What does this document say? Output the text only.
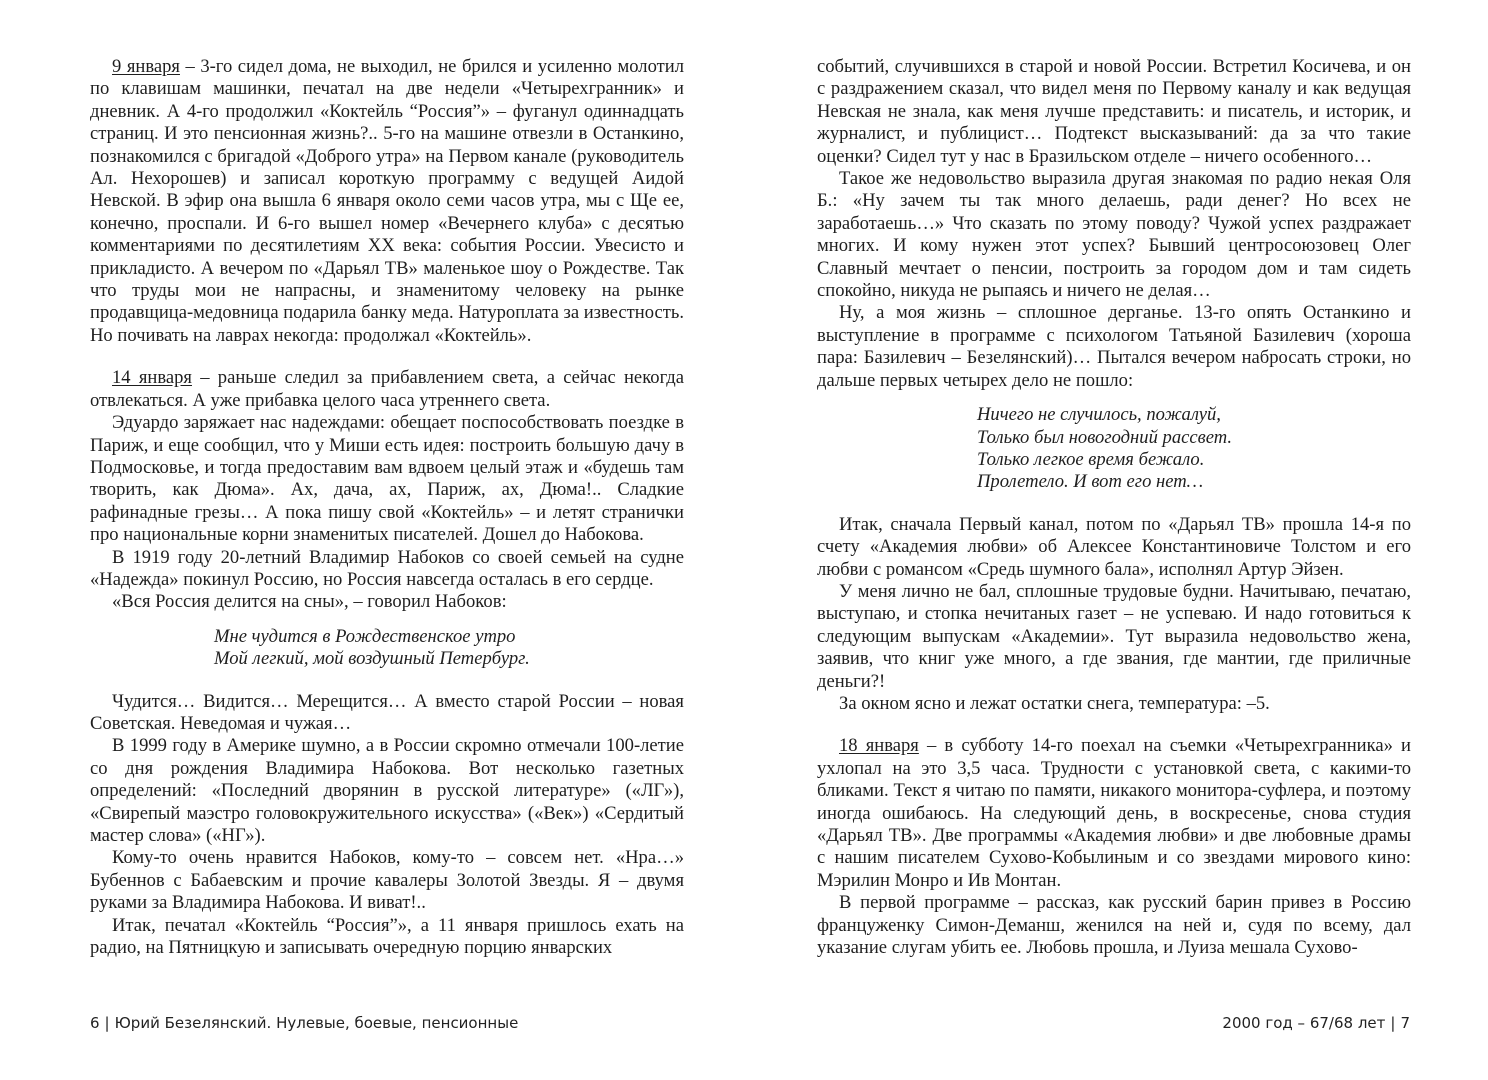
9 января – 3-го сидел дома, не выходил, не брился и усиленно молотил по клавишам машинки, печатал на две недели «Четырехгранник» и дневник. А 4-го продолжил «Коктейль “Россия”» – фуганул одиннадцать страниц. И это пенсионная жизнь?.. 5-го на машине отвезли в Останкино, познакомился с бригадой «Доброго утра» на Первом канале (руководитель Ал. Нехорошев) и записал короткую программу с ведущей Аидой Невской. В эфир она вышла 6 января около семи часов утра, мы с Ще ее, конечно, проспали. И 6-го вышел номер «Вечернего клуба» с десятью комментариями по десятилетиям XX века: события России. Увесисто и прикладисто. А вечером по «Дарьял ТВ» маленькое шоу о Рождестве. Так что труды мои не напрасны, и знаменитому человеку на рынке продавщица-медовница подарила банку меда. Натуроплата за известность. Но почивать на лаврах некогда: продолжал «Коктейль».

14 января – раньше следил за прибавлением света, а сейчас некогда отвлекаться. А уже прибавка целого часа утреннего света.

Эдуардо заряжает нас надеждами: обещает поспособствовать поездке в Париж, и еще сообщил, что у Миши есть идея: построить большую дачу в Подмосковье, и тогда предоставим вам вдвоем целый этаж и «будешь там творить, как Дюма». Ах, дача, ах, Париж, ах, Дюма!.. Сладкие рафинадные грезы… А пока пишу свой «Коктейль» – и летят странички про национальные корни знаменитых писателей. Дошел до Набокова.

В 1919 году 20-летний Владимир Набоков со своей семьей на судне «Надежда» покинул Россию, но Россия навсегда осталась в его сердце.

«Вся Россия делится на сны», – говорил Набоков:

Мне чудится в Рождественское утро
Мой легкий, мой воздушный Петербург.

Чудится… Видится… Мерещится… А вместо старой России – новая Советская. Неведомая и чужая…

В 1999 году в Америке шумно, а в России скромно отмечали 100-летие со дня рождения Владимира Набокова. Вот несколько газетных определений: «Последний дворянин в русской литературе» («ЛГ»), «Свирепый маэстро головокружительного искусства» («Век») «Сердитый мастер слова» («НГ»).

Кому-то очень нравится Набоков, кому-то – совсем нет. «Нра…» Бубеннов с Бабаевским и прочие кавалеры Золотой Звезды. Я – двумя руками за Владимира Набокова. И виват!..

Итак, печатал «Коктейль “Россия”», а 11 января пришлось ехать на радио, на Пятницкую и записывать очередную порцию январских

событий, случившихся в старой и новой России. Встретил Косичева, и он с раздражением сказал, что видел меня по Первому каналу и как ведущая Невская не знала, как меня лучше представить: и писатель, и историк, и журналист, и публицист… Подтекст высказываний: да за что такие оценки? Сидел тут у нас в Бразильском отделе – ничего особенного…

Такое же недовольство выразила другая знакомая по радио некая Оля Б.: «Ну зачем ты так много делаешь, ради денег? Но всех не заработаешь…» Что сказать по этому поводу? Чужой успех раздражает многих. И кому нужен этот успех? Бывший центросоюзовец Олег Славный мечтает о пенсии, построить за городом дом и там сидеть спокойно, никуда не рыпаясь и ничего не делая…

Ну, а моя жизнь – сплошное дерганье. 13-го опять Останкино и выступление в программе с психологом Татьяной Базилевич (хороша пара: Базилевич – Безелянский)… Пытался вечером набросать строки, но дальше первых четырех дело не пошло:

Ничего не случилось, пожалуй,
Только был новогодний рассвет.
Только легкое время бежало.
Пролетело. И вот его нет…

Итак, сначала Первый канал, потом по «Дарьял ТВ» прошла 14-я по счету «Академия любви» об Алексее Константиновиче Толстом и его любви с романсом «Средь шумного бала», исполнял Артур Эйзен.

У меня лично не бал, сплошные трудовые будни. Начитываю, печатаю, выступаю, и стопка нечитаных газет – не успеваю. И надо готовиться к следующим выпускам «Академии». Тут выразила недовольство жена, заявив, что книг уже много, а где звания, где мантии, где приличные деньги?!

За окном ясно и лежат остатки снега, температура: –5.

18 января – в субботу 14-го поехал на съемки «Четырехгранника» и ухлопал на это 3,5 часа. Трудности с установкой света, с какими-то бликами. Текст я читаю по памяти, никакого монитора-суфлера, и поэтому иногда ошибаюсь. На следующий день, в воскресенье, снова студия «Дарьял ТВ». Две программы «Академия любви» и две любовные драмы с нашим писателем Сухово-Кобылиным и со звездами мирового кино: Мэрилин Монро и Ив Монтан.

В первой программе – рассказ, как русский барин привез в Россию француженку Симон-Деманш, женился на ней и, судя по всему, дал указание слугам убить ее. Любовь прошла, и Луиза мешала Сухово-

6 | Юрий Безелянский. Нулевые, боевые, пенсионные	2000 год – 67/68 лет | 7
